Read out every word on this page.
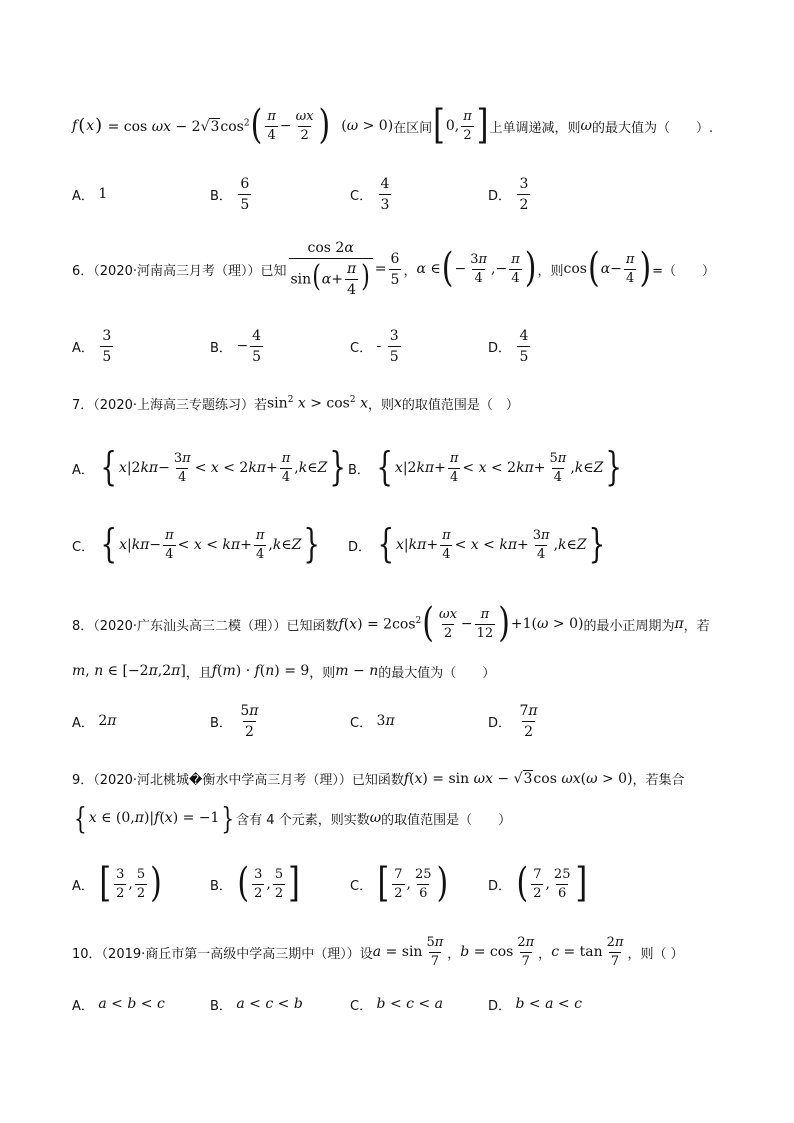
f ( x ) = $\cos \omega x - 2√3\cos^2$ ( $\frac{\pi}{4} - \frac{\omega x}{2}$ ) (ω > 0) 在区间 [ 0, $\frac{\pi}{2}$ ] 上单调递减，则 ω 的最大值为（　　）.
A． 1	B．
$\frac{6}{5}$	C．
$\frac{4}{3}$	D．
$\frac{3}{2}$
6．（2020·河南高三月考（理））已知 $\frac{\cos 2\alpha}{\sin(\alpha+ \frac{\pi}{4} )} = \frac{6}{5}$ ， α ∈ ( − $\frac{3\pi}{4}$ ,− $\frac{\pi}{4}$ ) ，则 cos ( $\alpha - \frac{\pi}{4}$ ) =（　　）
A．
$\frac{3}{5}$	B． − $\frac{4}{5}$	C． - $\frac{3}{5}$	D．
$\frac{4}{5}$
7．（2020·上海高三专题练习）若 $\sin^2 x > \cos^2 x$ ，则 x 的取值范围是（　）
A．
{ x |2 $k\pi - \frac{3\pi}{4} < x < 2$ $k\pi + \frac{\pi}{4}$ , k ∈ Z } B．
{ x |2 $k\pi + \frac{\pi}{4} < x < 2$ $k\pi + \frac{5\pi}{4}$ , k ∈ Z }
C．
{ x | $k\pi - \frac{\pi}{4} < x < k\pi + \frac{\pi}{4}$ , k ∈ Z } D．
{ x | $k\pi + \frac{\pi}{4} < x < k\pi + \frac{3\pi}{4}$ , k ∈ Z }
8．（2020·广东汕头高三二模（理））已知函数 $f(x) = 2\cos^2$ ( $\frac{\omega x}{2} - \frac{\pi}{12}$ ) +1(ω > 0) 的最小正周期为 π ，若
m, n ∈ [−2π,2π] ，且 f(m) · f(n) = 9 ，则 m − n 的最大值为（　　）
A． 2 π	B．
$\frac{5\pi}{2}$	C． 3 π	D．
$\frac{7\pi}{2}$
9．（2020·河北桃城�衡水中学高三月考（理））已知函数 f(x) = sin ωx − √3cos ωx(ω > 0) ，若集合
{ x ∈ (0,π)|f(x) = −1 } 含有 4 个元素，则实数 ω 的取值范围是（　　）
A．
[ $\frac{3}{2}$ , $\frac{5}{2}$ )	B．
( $\frac{3}{2}$ , $\frac{5}{2}$ ]	C．
[ $\frac{7}{2}$ , $\frac{25}{6}$ )	D．
( $\frac{7}{2}$ , $\frac{25}{6}$ ]
10．（2019·商丘市第一高级中学高三期中（理））设 $a = \sin \frac{5\pi}{7}$ ， $b = \cos \frac{2\pi}{7}$ ， $c = \tan \frac{2\pi}{7}$ ，则（ ）
A．
a < b < c	B．
a < c < b	C．
b < c < a	D．
b < a < c
